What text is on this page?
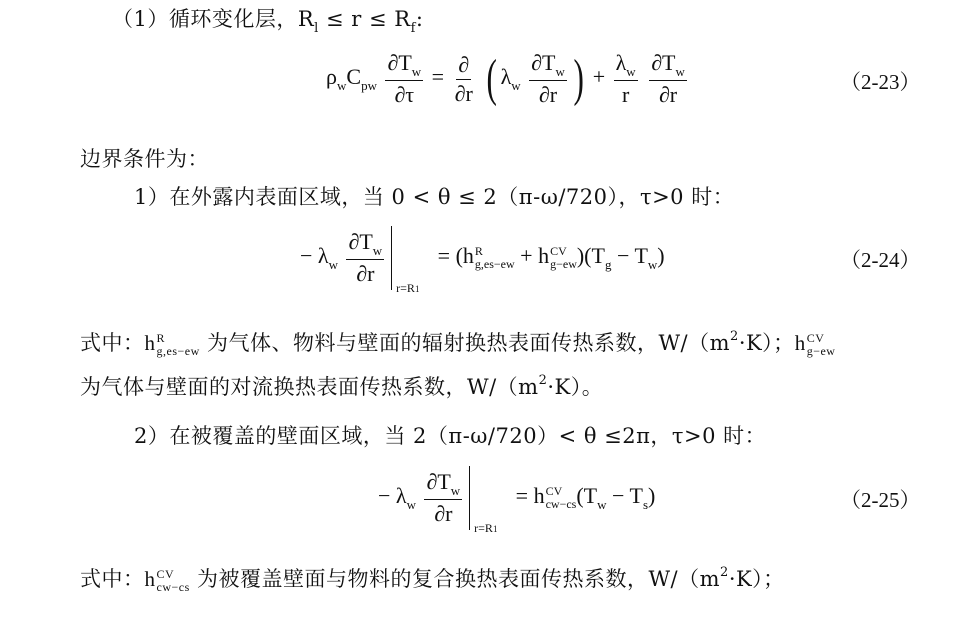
（1）循环变化层，$R_l \le r \le R_f$:
$\rho_wC_{pw} \frac{\partial T_w}{\partial\tau} = \frac{\partial}{\partial r}$ ( $\lambda_w \frac{\partial T_w}{\partial r}$ ) + $\frac{\lambda_w}{r}$
$\frac{\partial T_w}{\partial r}$	（2-23）
边界条件为：
1）在外露内表面区域，当 0 < θ ≤ 2（π-ω/720），τ>0 时：
− $\lambda_w \frac{\partial T_w}{\partial r}$
r=R1
= (h R
g,es−ew + h CV
g−ew )$(T_g - T_w)$	（2-24）
式中：h R
g,es−ew 为气体、物料与壁面的辐射换热表面传热系数，$W/(m^2\cdot K)$；h CV
g−ew
为气体与壁面的对流换热表面传热系数，$W/(m^2\cdot K)$。
2）在被覆盖的壁面区域，当 2（π-ω/720）< θ ≤2π，τ>0 时：
− $\lambda_w \frac{\partial T_w}{\partial r}$
r=R1
= h CV
cw−cs $(T_w - T_s)$	（2-25）
式中：h CV
cw−cs 为被覆盖壁面与物料的复合换热表面传热系数，$W/(m^2\cdot K)$；
